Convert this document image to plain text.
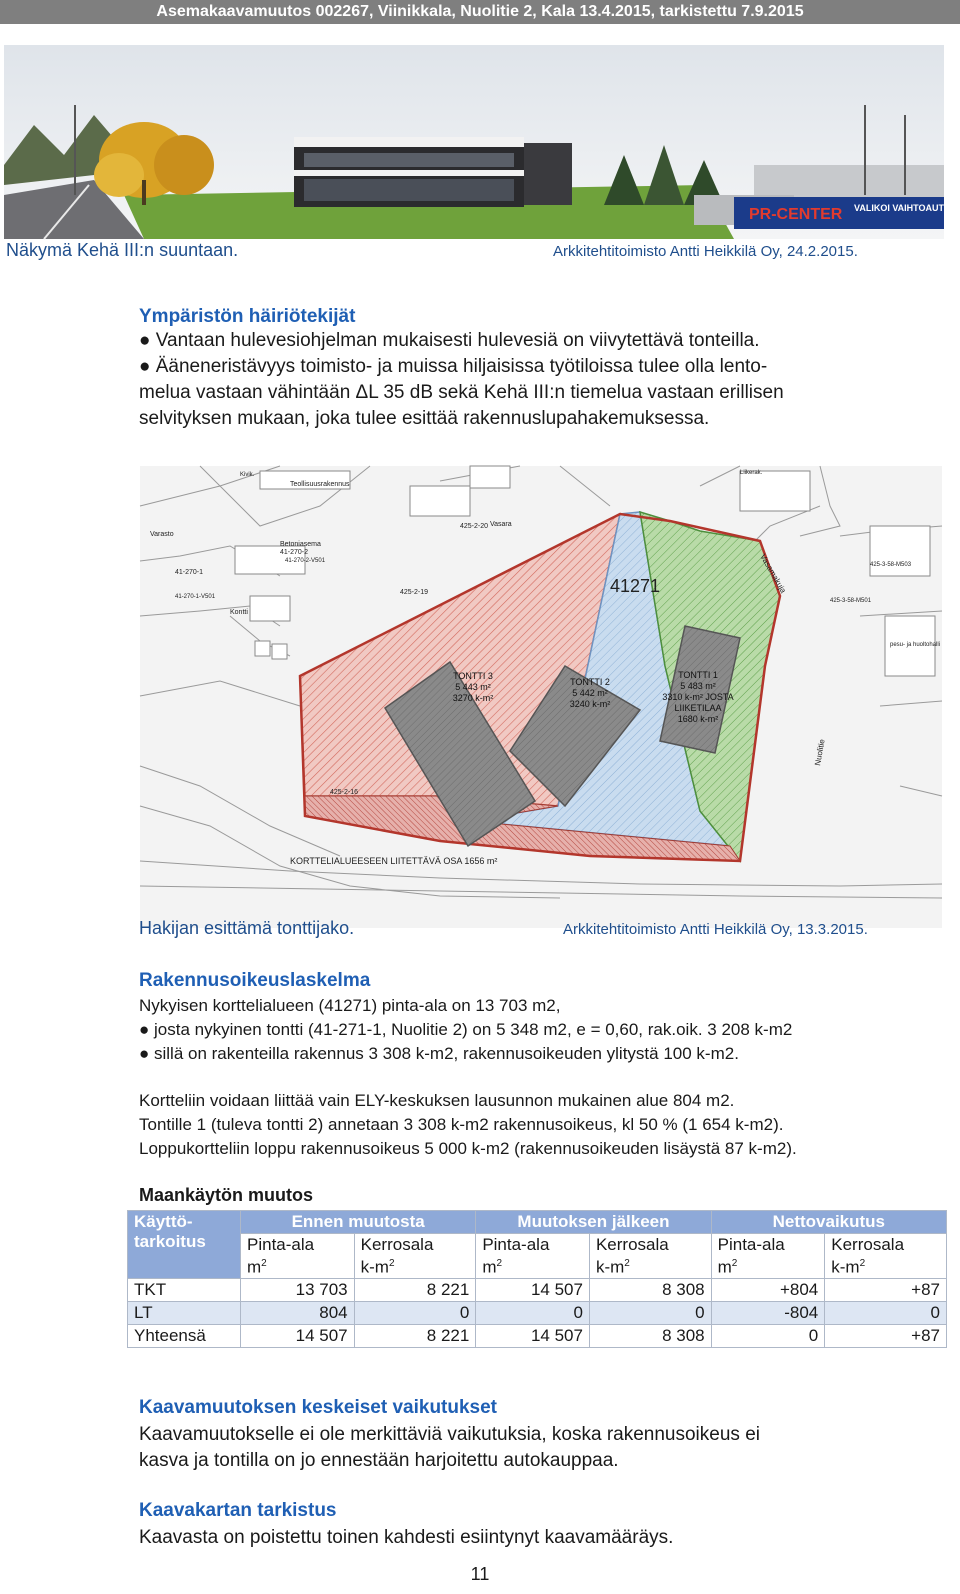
Asemakaavamuutos 002267, Viinikkala, Nuolitie 2, Kala 13.4.2015, tarkistettu 7.9.2015
PR-CENTER VALIKOI VAIHTOAUTOT
Näkymä Kehä III:n suuntaan.	Arkkitehtitoimisto Antti Heikkilä Oy, 24.2.2015.
Ympäristön häiriötekijät
● Vantaan hulevesiohjelman mukaisesti hulevesiä on viivytettävä tonteilla.
● Ääneneristävyys toimisto- ja muissa hiljaisissa työtiloissa tulee olla lento-
melua vastaan vähintään ΔL 35 dB sekä Kehä III:n tiemelua vastaan erillisen
selvityksen mukaan, joka tulee esittää rakennuslupahakemuksessa.
41271
Teollisuusrakennus
Varasto
Betoniasema
41-270-2
41-270-2-V501
41-270-1
41-270-1-V501
425-2-20
425-2-19
425-2-16
425-3-58-M503
425-3-58-M501
Kontti
Liikerak.
pesu- ja huoltohalli
Vasamakuja
Nuolitie
Vasara
Kivik.
KORTTELIALUEESEEN LIITETTÄVÄ OSA 1656 m²
TONTTI 3
5 443 m²
3270 k-m²
TONTTI 2
5 442 m²
3240 k-m²
TONTTI 1
5 483 m²
3310 k-m² JOSTA
LIIKETILAA
1680 k-m²
Hakijan esittämä tonttijako.	Arkkitehtitoimisto Antti Heikkilä Oy, 13.3.2015.
Rakennusoikeuslaskelma
Nykyisen korttelialueen (41271) pinta-ala on 13 703 m2,
● josta nykyinen tontti (41-271-1, Nuolitie 2) on 5 348 m2, e = 0,60, rak.oik. 3 208 k-m2
● sillä on rakenteilla rakennus 3 308 k-m2, rakennusoikeuden ylitystä 100 k-m2.
Kortteliin voidaan liittää vain ELY-keskuksen lausunnon mukainen alue 804 m2.
Tontille 1 (tuleva tontti 2) annetaan 3 308 k-m2 rakennusoikeus, kl 50 % (1 654 k-m2).
Loppukortteliin loppu rakennusoikeus 5 000 k-m2 (rakennusoikeuden lisäystä 87 k-m2).
Maankäytön muutos
Käyttö-
tarkoitus	Ennen muutosta		Muutoksen jälkeen		Nettovaikutus	
	Pinta-ala
$m^2$	Kerrosala
$k-m^2$	Pinta-ala
$m^2$	Kerrosala
$k-m^2$	Pinta-ala
$m^2$	Kerrosala
$k-m^2$
TKT	13 703	8 221	14 507	8 308	+804	+87
LT	804	0	0	0	-804	0
Yhteensä	14 507	8 221	14 507	8 308	0	+87
Kaavamuutoksen keskeiset vaikutukset
Kaavamuutokselle ei ole merkittäviä vaikutuksia, koska rakennusoikeus ei
kasva ja tontilla on jo ennestään harjoitettu autokauppaa.
Kaavakartan tarkistus
Kaavasta on poistettu toinen kahdesti esiintynyt kaavamääräys.
11
